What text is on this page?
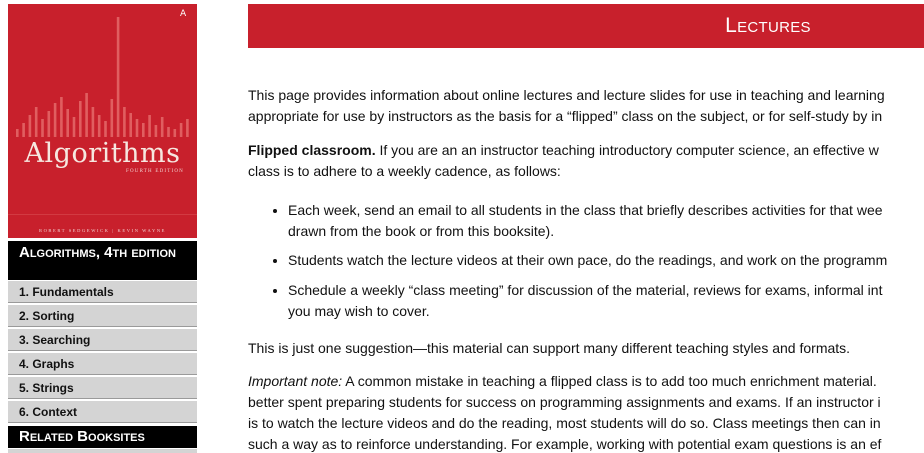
A
Algorithms
FOURTH EDITION
ROBERT SEDGEWICK | KEVIN WAYNE
Algorithms, 4th edition
1. Fundamentals
2. Sorting
3. Searching
4. Graphs
5. Strings
6. Context
Related Booksites
Lectures

This page provides information about online lectures and lecture slides for use in teaching and learning
appropriate for use by instructors as the basis for a “flipped” class on the subject, or for self-study by in

Flipped classroom. If you are an an instructor teaching introductory computer science, an effective w
class is to adhere to a weekly cadence, as follows:

• Each week, send an email to all students in the class that briefly describes activities for that wee
drawn from the book or from this booksite).
• Students watch the lecture videos at their own pace, do the readings, and work on the programm
• Schedule a weekly “class meeting” for discussion of the material, reviews for exams, informal int
you may wish to cover.

This is just one suggestion—this material can support many different teaching styles and formats.

Important note: A common mistake in teaching a flipped class is to add too much enrichment material.
better spent preparing students for success on programming assignments and exams. If an instructor i
is to watch the lecture videos and do the reading, most students will do so. Class meetings then can in
such a way as to reinforce understanding. For example, working with potential exam questions is an ef
